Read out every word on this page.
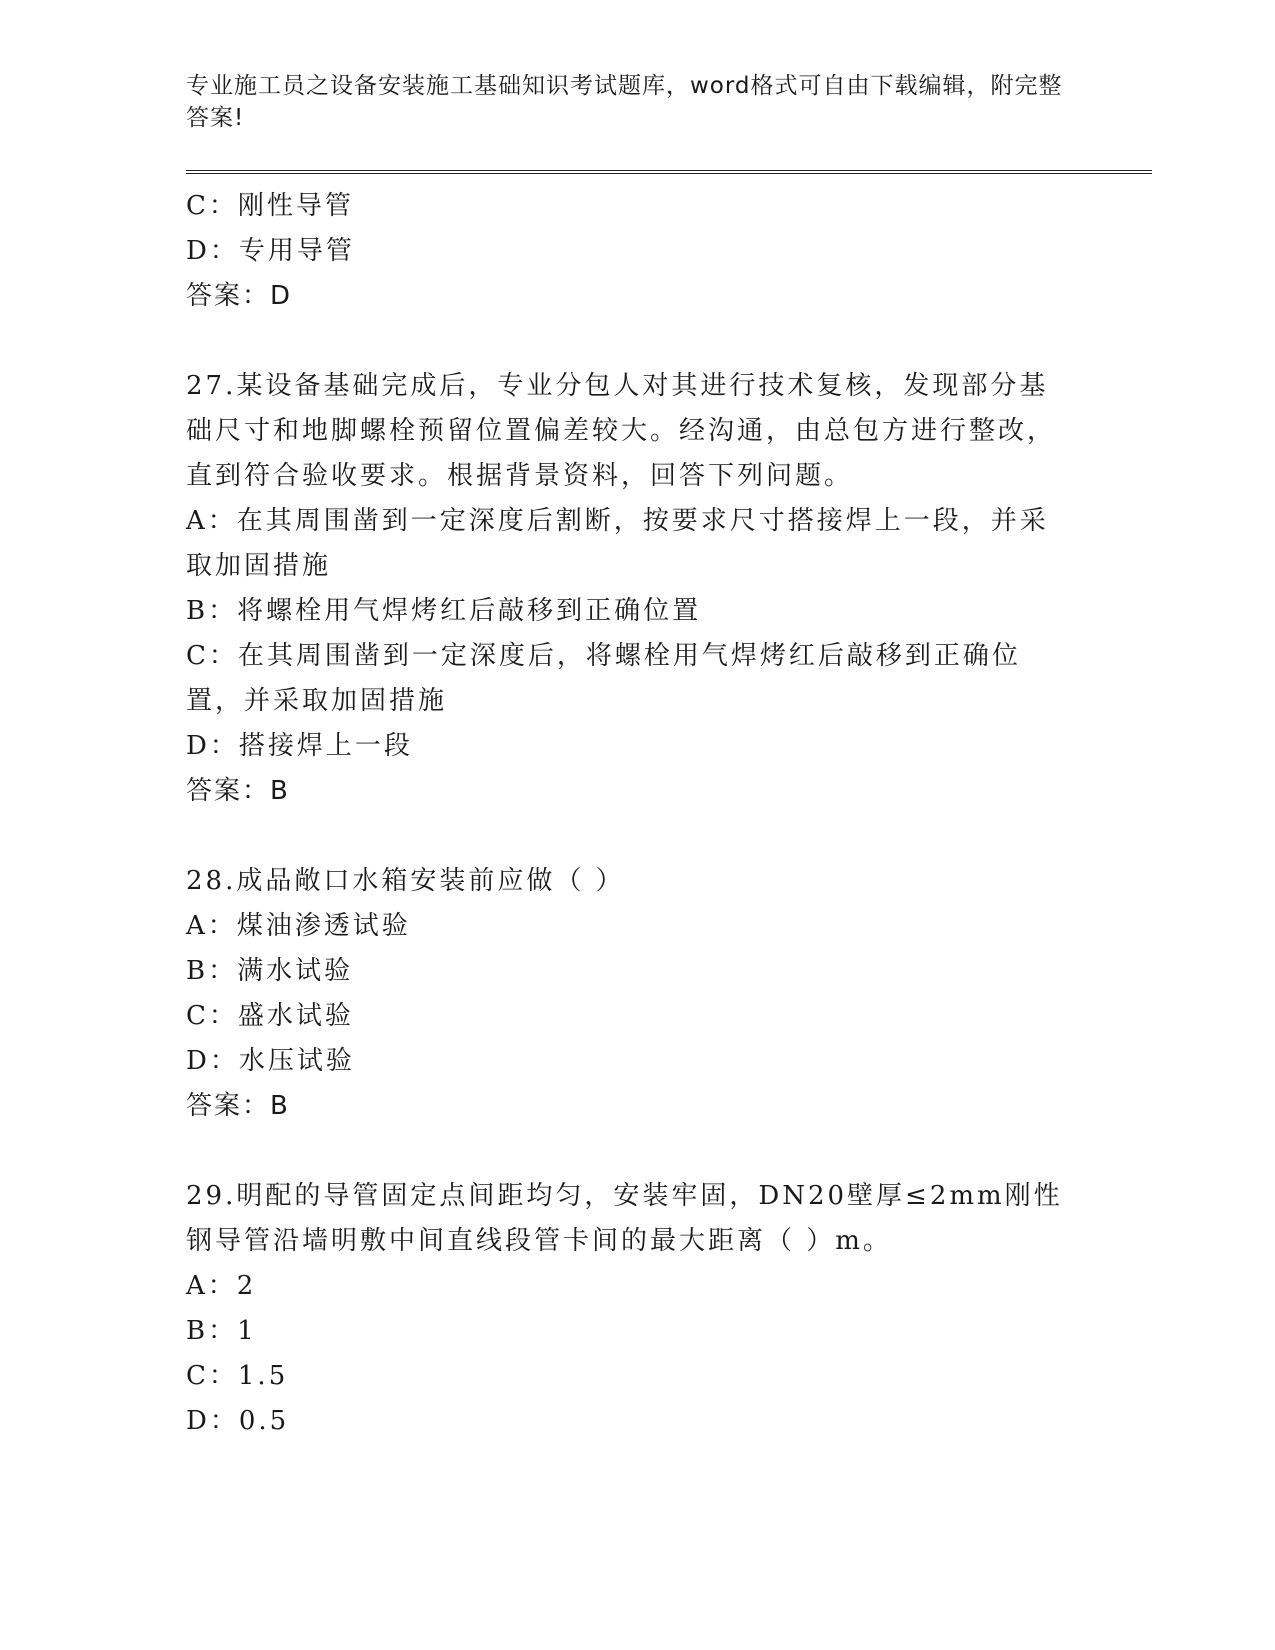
专业施工员之设备安装施工基础知识考试题库，word格式可自由下载编辑，附完整答案!

C：刚性导管
D：专用导管
答案：D
27.某设备基础完成后，专业分包人对其进行技术复核，发现部分基础尺寸和地脚螺栓预留位置偏差较大。经沟通，由总包方进行整改，直到符合验收要求。根据背景资料，回答下列问题。
A：在其周围凿到一定深度后割断，按要求尺寸搭接焊上一段，并采取加固措施
B：将螺栓用气焊烤红后敲移到正确位置
C：在其周围凿到一定深度后，将螺栓用气焊烤红后敲移到正确位置，并采取加固措施
D：搭接焊上一段
答案：B
28.成品敞口水箱安装前应做（ ）
A：煤油渗透试验
B：满水试验
C：盛水试验
D：水压试验
答案：B
29.明配的导管固定点间距均匀，安装牢固，DN20壁厚≤2mm刚性钢导管沿墙明敷中间直线段管卡间的最大距离（ ）m。
A：2
B：1
C：1.5
D：0.5
